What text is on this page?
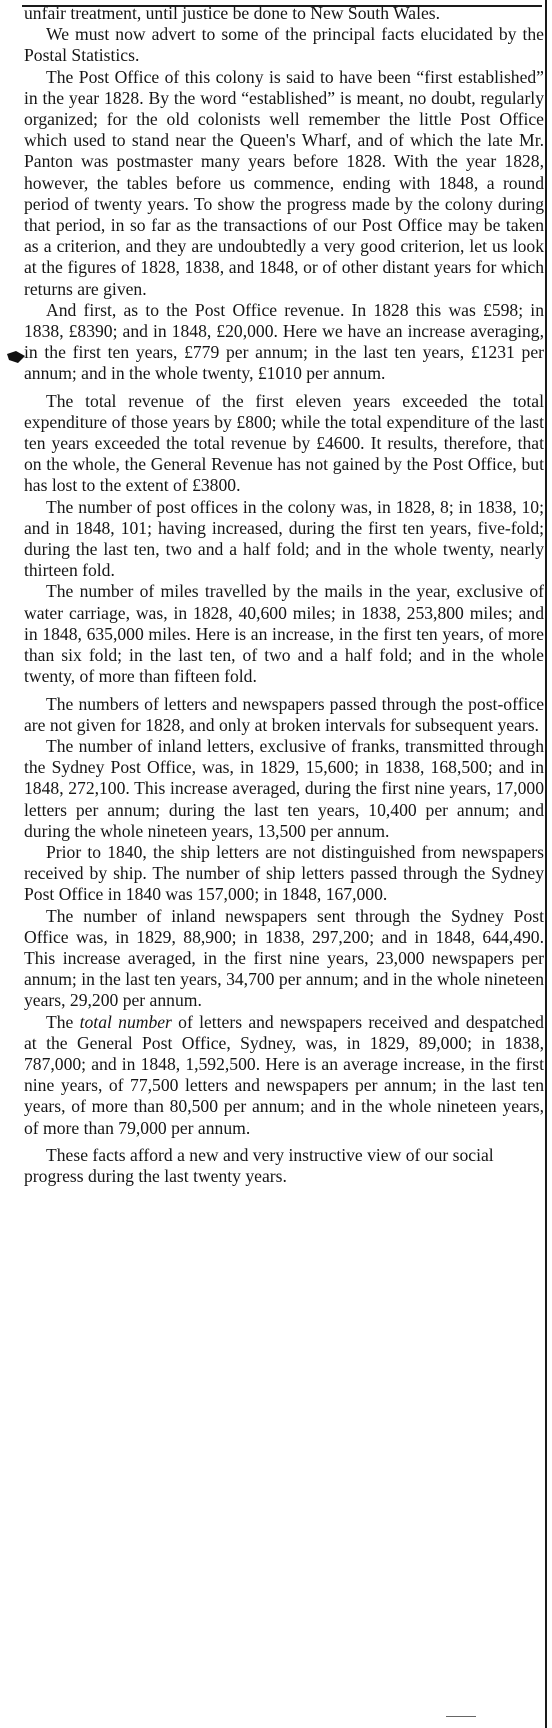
unfair treatment, until justice be done to New South Wales.

We must now advert to some of the principal facts elucidated by the Postal Statistics.

The Post Office of this colony is said to have been “first established” in the year 1828. By the word “established” is meant, no doubt, regularly organized; for the old colonists well remember the little Post Office which used to stand near the Queen's Wharf, and of which the late Mr. Panton was postmaster many years before 1828. With the year 1828, however, the tables before us commence, ending with 1848, a round period of twenty years. To show the progress made by the colony during that period, in so far as the transactions of our Post Office may be taken as a criterion, and they are undoubtedly a very good criterion, let us look at the figures of 1828, 1838, and 1848, or of other distant years for which returns are given.

And first, as to the Post Office revenue. In 1828 this was £598; in 1838, £8390; and in 1848, £20,000. Here we have an increase averaging, in the first ten years, £779 per annum; in the last ten years, £1231 per annum; and in the whole twenty, £1010 per annum.

The total revenue of the first eleven years exceeded the total expenditure of those years by £800; while the total expenditure of the last ten years exceeded the total revenue by £4600. It results, therefore, that on the whole, the General Revenue has not gained by the Post Office, but has lost to the extent of £3800.

The number of post offices in the colony was, in 1828, 8; in 1838, 10; and in 1848, 101; having increased, during the first ten years, five-fold; during the last ten, two and a half fold; and in the whole twenty, nearly thirteen fold.

The number of miles travelled by the mails in the year, exclusive of water carriage, was, in 1828, 40,600 miles; in 1838, 253,800 miles; and in 1848, 635,000 miles. Here is an increase, in the first ten years, of more than six fold; in the last ten, of two and a half fold; and in the whole twenty, of more than fifteen fold.

The numbers of letters and newspapers passed through the post-office are not given for 1828, and only at broken intervals for subsequent years.

The number of inland letters, exclusive of franks, transmitted through the Sydney Post Office, was, in 1829, 15,600; in 1838, 168,500; and in 1848, 272,100. This increase averaged, during the first nine years, 17,000 letters per annum; during the last ten years, 10,400 per annum; and during the whole nineteen years, 13,500 per annum.

Prior to 1840, the ship letters are not distinguished from newspapers received by ship. The number of ship letters passed through the Sydney Post Office in 1840 was 157,000; in 1848, 167,000.

The number of inland newspapers sent through the Sydney Post Office was, in 1829, 88,900; in 1838, 297,200; and in 1848, 644,490. This increase averaged, in the first nine years, 23,000 newspapers per annum; in the last ten years, 34,700 per annum; and in the whole nineteen years, 29,200 per annum.

The total number of letters and newspapers received and despatched at the General Post Office, Sydney, was, in 1829, 89,000; in 1838, 787,000; and in 1848, 1,592,500. Here is an average increase, in the first nine years, of 77,500 letters and newspapers per annum; in the last ten years, of more than 80,500 per annum; and in the whole nineteen years, of more than 79,000 per annum.

These facts afford a new and very instructive view of our social progress during the last twenty years.
